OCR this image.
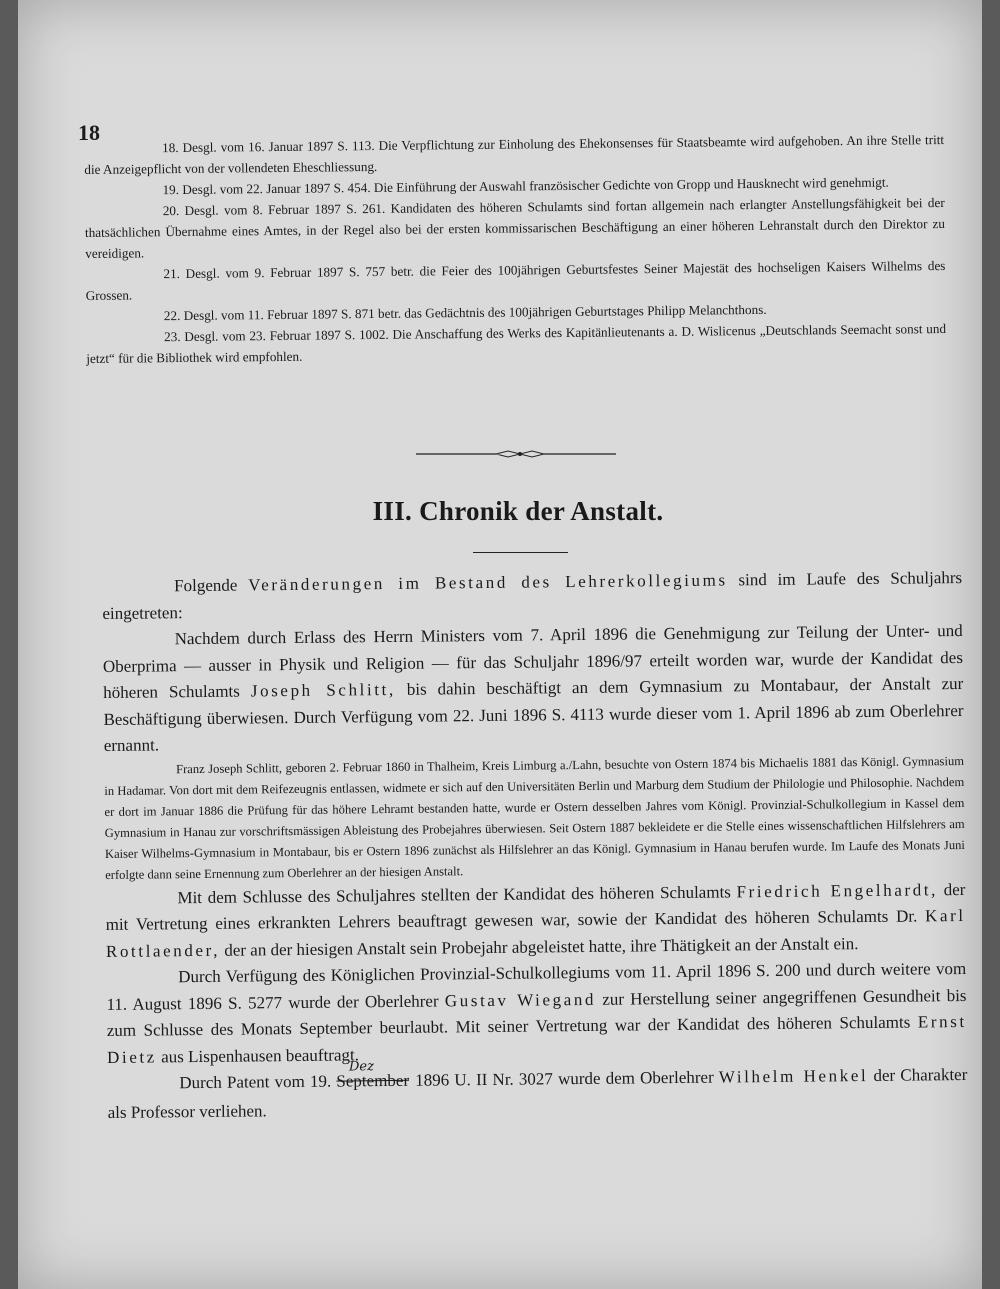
18	18. Desgl. vom 16. Januar 1897 S. 113. Die Verpflichtung zur Einholung des Ehekonsenses für Staatsbeamte wird aufgehoben. An ihre Stelle tritt die Anzeigepflicht von der vollendeten Eheschliessung.

19. Desgl. vom 22. Januar 1897 S. 454. Die Einführung der Auswahl französischer Gedichte von Gropp und Hausknecht wird genehmigt.

20. Desgl. vom 8. Februar 1897 S. 261. Kandidaten des höheren Schulamts sind fortan allgemein nach erlangter Anstellungsfähigkeit bei der thatsächlichen Übernahme eines Amtes, in der Regel also bei der ersten kommissarischen Beschäftigung an einer höheren Lehranstalt durch den Direktor zu vereidigen.

21. Desgl. vom 9. Februar 1897 S. 757 betr. die Feier des 100jährigen Geburtsfestes Seiner Majestät des hochseligen Kaisers Wilhelms des Grossen.

22. Desgl. vom 11. Februar 1897 S. 871 betr. das Gedächtnis des 100jährigen Geburtstages Philipp Melanchthons.

23. Desgl. vom 23. Februar 1897 S. 1002. Die Anschaffung des Werks des Kapitänlieutenants a. D. Wislicenus „Deutschlands Seemacht sonst und jetzt“ für die Bibliothek wird empfohlen.

III. Chronik der Anstalt.

Folgende Veränderungen im Bestand des Lehrerkollegiums sind im Laufe des Schuljahrs eingetreten:

Nachdem durch Erlass des Herrn Ministers vom 7. April 1896 die Genehmigung zur Teilung der Unter- und Oberprima — ausser in Physik und Religion — für das Schuljahr 1896/97 erteilt worden war, wurde der Kandidat des höheren Schulamts Joseph Schlitt, bis dahin beschäftigt an dem Gymnasium zu Montabaur, der Anstalt zur Beschäftigung überwiesen. Durch Verfügung vom 22. Juni 1896 S. 4113 wurde dieser vom 1. April 1896 ab zum Oberlehrer ernannt.

Franz Joseph Schlitt, geboren 2. Februar 1860 in Thalheim, Kreis Limburg a./Lahn, besuchte von Ostern 1874 bis Michaelis 1881 das Königl. Gymnasium in Hadamar. Von dort mit dem Reifezeugnis entlassen, widmete er sich auf den Universitäten Berlin und Marburg dem Studium der Philologie und Philosophie. Nachdem er dort im Januar 1886 die Prüfung für das höhere Lehramt bestanden hatte, wurde er Ostern desselben Jahres vom Königl. Provinzial-Schulkollegium in Kassel dem Gymnasium in Hanau zur vorschriftsmässigen Ableistung des Probejahres überwiesen. Seit Ostern 1887 bekleidete er die Stelle eines wissenschaftlichen Hilfslehrers am Kaiser Wilhelms-Gymnasium in Montabaur, bis er Ostern 1896 zunächst als Hilfslehrer an das Königl. Gymnasium in Hanau berufen wurde. Im Laufe des Monats Juni erfolgte dann seine Ernennung zum Oberlehrer an der hiesigen Anstalt.

Mit dem Schlusse des Schuljahres stellten der Kandidat des höheren Schulamts Friedrich Engelhardt, der mit Vertretung eines erkrankten Lehrers beauftragt gewesen war, sowie der Kandidat des höheren Schulamts Dr. Karl Rottlaender, der an der hiesigen Anstalt sein Probejahr abgeleistet hatte, ihre Thätigkeit an der Anstalt ein.

Durch Verfügung des Königlichen Provinzial-Schulkollegiums vom 11. April 1896 S. 200 und durch weitere vom 11. August 1896 S. 5277 wurde der Oberlehrer Gustav Wiegand zur Herstellung seiner angegriffenen Gesundheit bis zum Schlusse des Monats September beurlaubt. Mit seiner Vertretung war der Kandidat des höheren Schulamts Ernst Dietz aus Lispenhausen beauftragt.

Durch Patent vom 19. September$^{Dez}$ 1896 U. II Nr. 3027 wurde dem Oberlehrer Wilhelm Henkel der Charakter als Professor verliehen.
